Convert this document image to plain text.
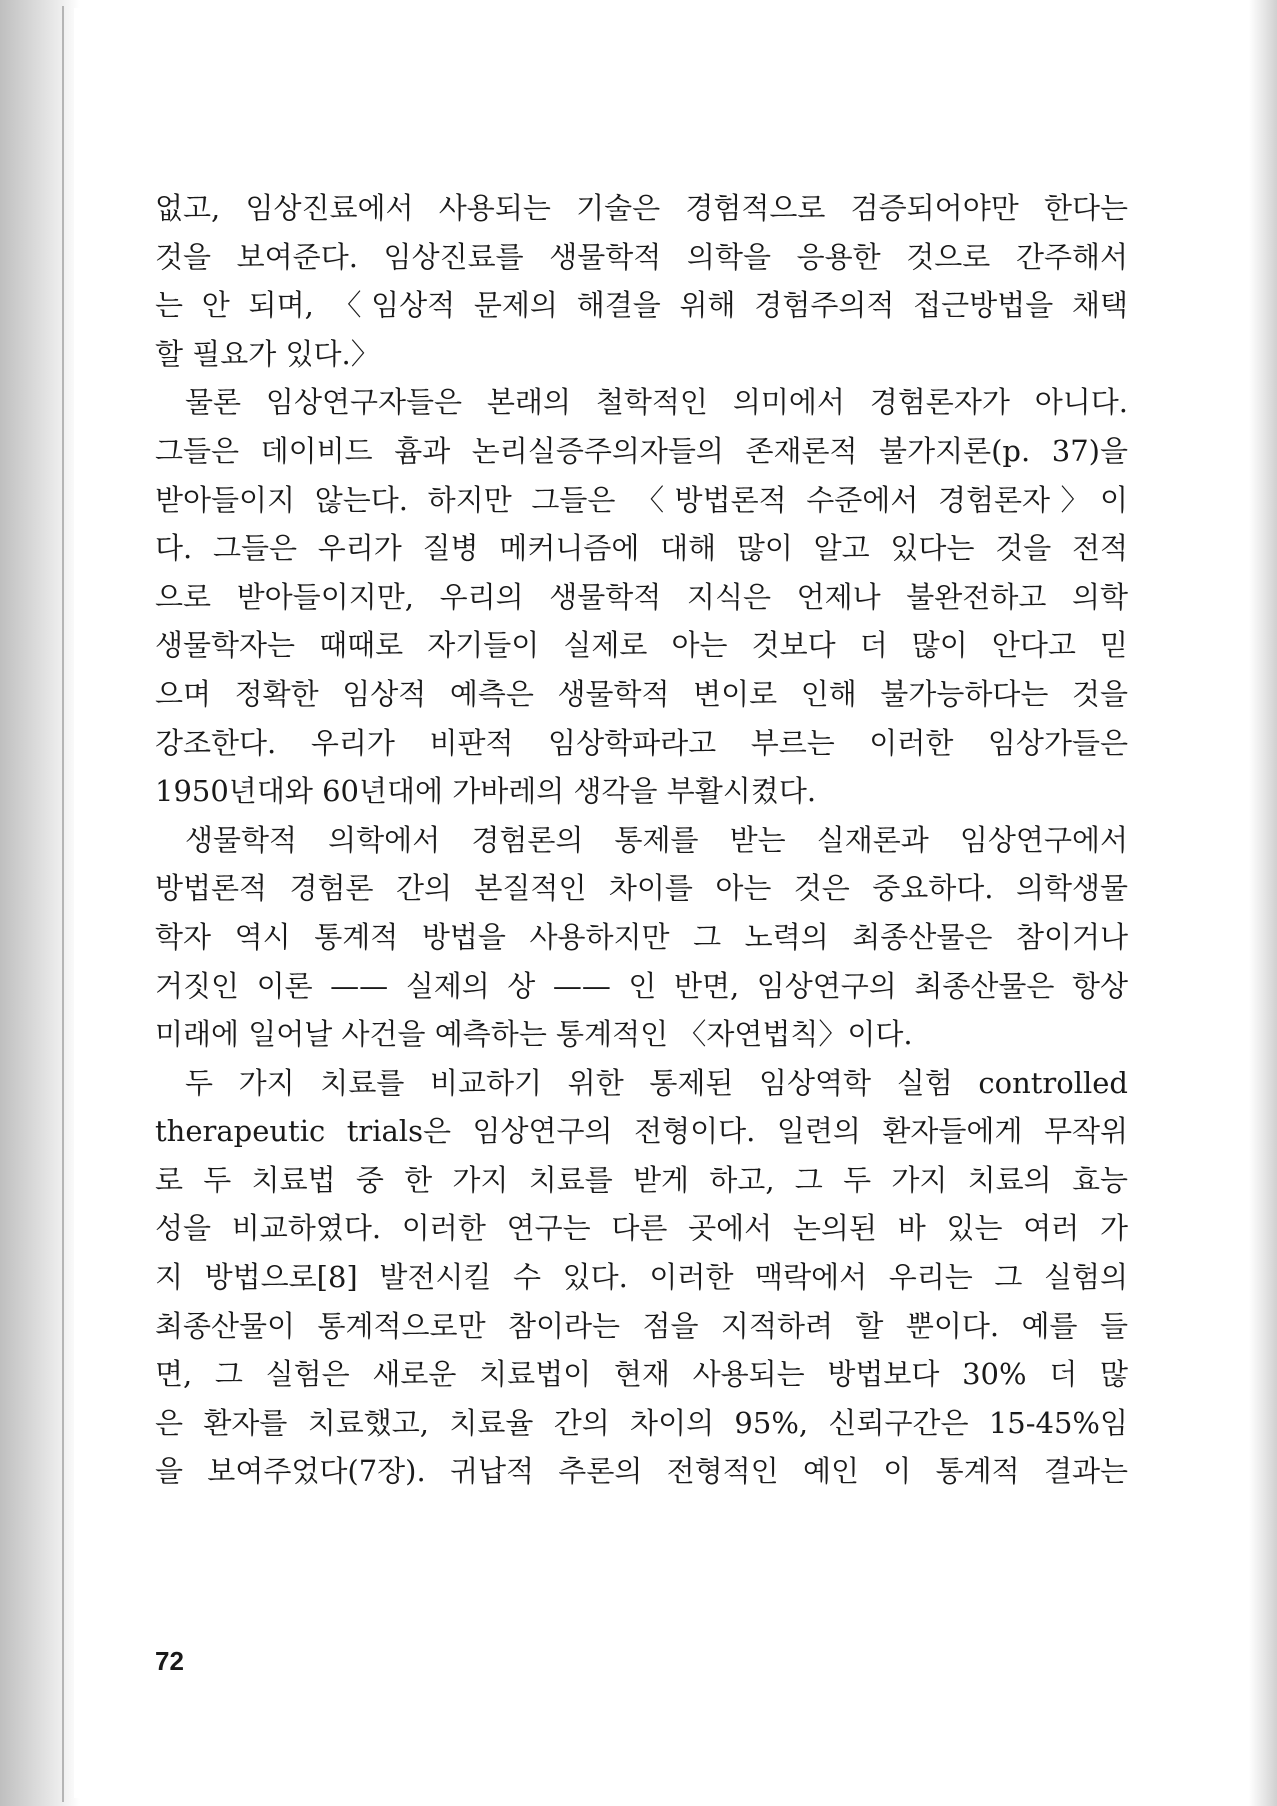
없고, 임상진료에서 사용되는 기술은 경험적으로 검증되어야만 한다는
것을 보여준다. 임상진료를 생물학적 의학을 응용한 것으로 간주해서
는 안 되며, 〈임상적 문제의 해결을 위해 경험주의적 접근방법을 채택
할 필요가 있다.〉
물론 임상연구자들은 본래의 철학적인 의미에서 경험론자가 아니다.
그들은 데이비드 흄과 논리실증주의자들의 존재론적 불가지론(p. 37)을
받아들이지 않는다. 하지만 그들은 〈방법론적 수준에서 경험론자〉이
다. 그들은 우리가 질병 메커니즘에 대해 많이 알고 있다는 것을 전적
으로 받아들이지만, 우리의 생물학적 지식은 언제나 불완전하고 의학
생물학자는 때때로 자기들이 실제로 아는 것보다 더 많이 안다고 믿
으며 정확한 임상적 예측은 생물학적 변이로 인해 불가능하다는 것을
강조한다. 우리가 비판적 임상학파라고 부르는 이러한 임상가들은
1950년대와 60년대에 가바레의 생각을 부활시켰다.
생물학적 의학에서 경험론의 통제를 받는 실재론과 임상연구에서
방법론적 경험론 간의 본질적인 차이를 아는 것은 중요하다. 의학생물
학자 역시 통계적 방법을 사용하지만 그 노력의 최종산물은 참이거나
거짓인 이론 —— 실제의 상 —— 인 반면, 임상연구의 최종산물은 항상
미래에 일어날 사건을 예측하는 통계적인 〈자연법칙〉이다.
두 가지 치료를 비교하기 위한 통제된 임상역학 실험 controlled
therapeutic trials은 임상연구의 전형이다. 일련의 환자들에게 무작위
로 두 치료법 중 한 가지 치료를 받게 하고, 그 두 가지 치료의 효능
성을 비교하였다. 이러한 연구는 다른 곳에서 논의된 바 있는 여러 가
지 방법으로[8] 발전시킬 수 있다. 이러한 맥락에서 우리는 그 실험의
최종산물이 통계적으로만 참이라는 점을 지적하려 할 뿐이다. 예를 들
면, 그 실험은 새로운 치료법이 현재 사용되는 방법보다 30% 더 많
은 환자를 치료했고, 치료율 간의 차이의 95%, 신뢰구간은 15-45%임
을 보여주었다(7장). 귀납적 추론의 전형적인 예인 이 통계적 결과는
72
